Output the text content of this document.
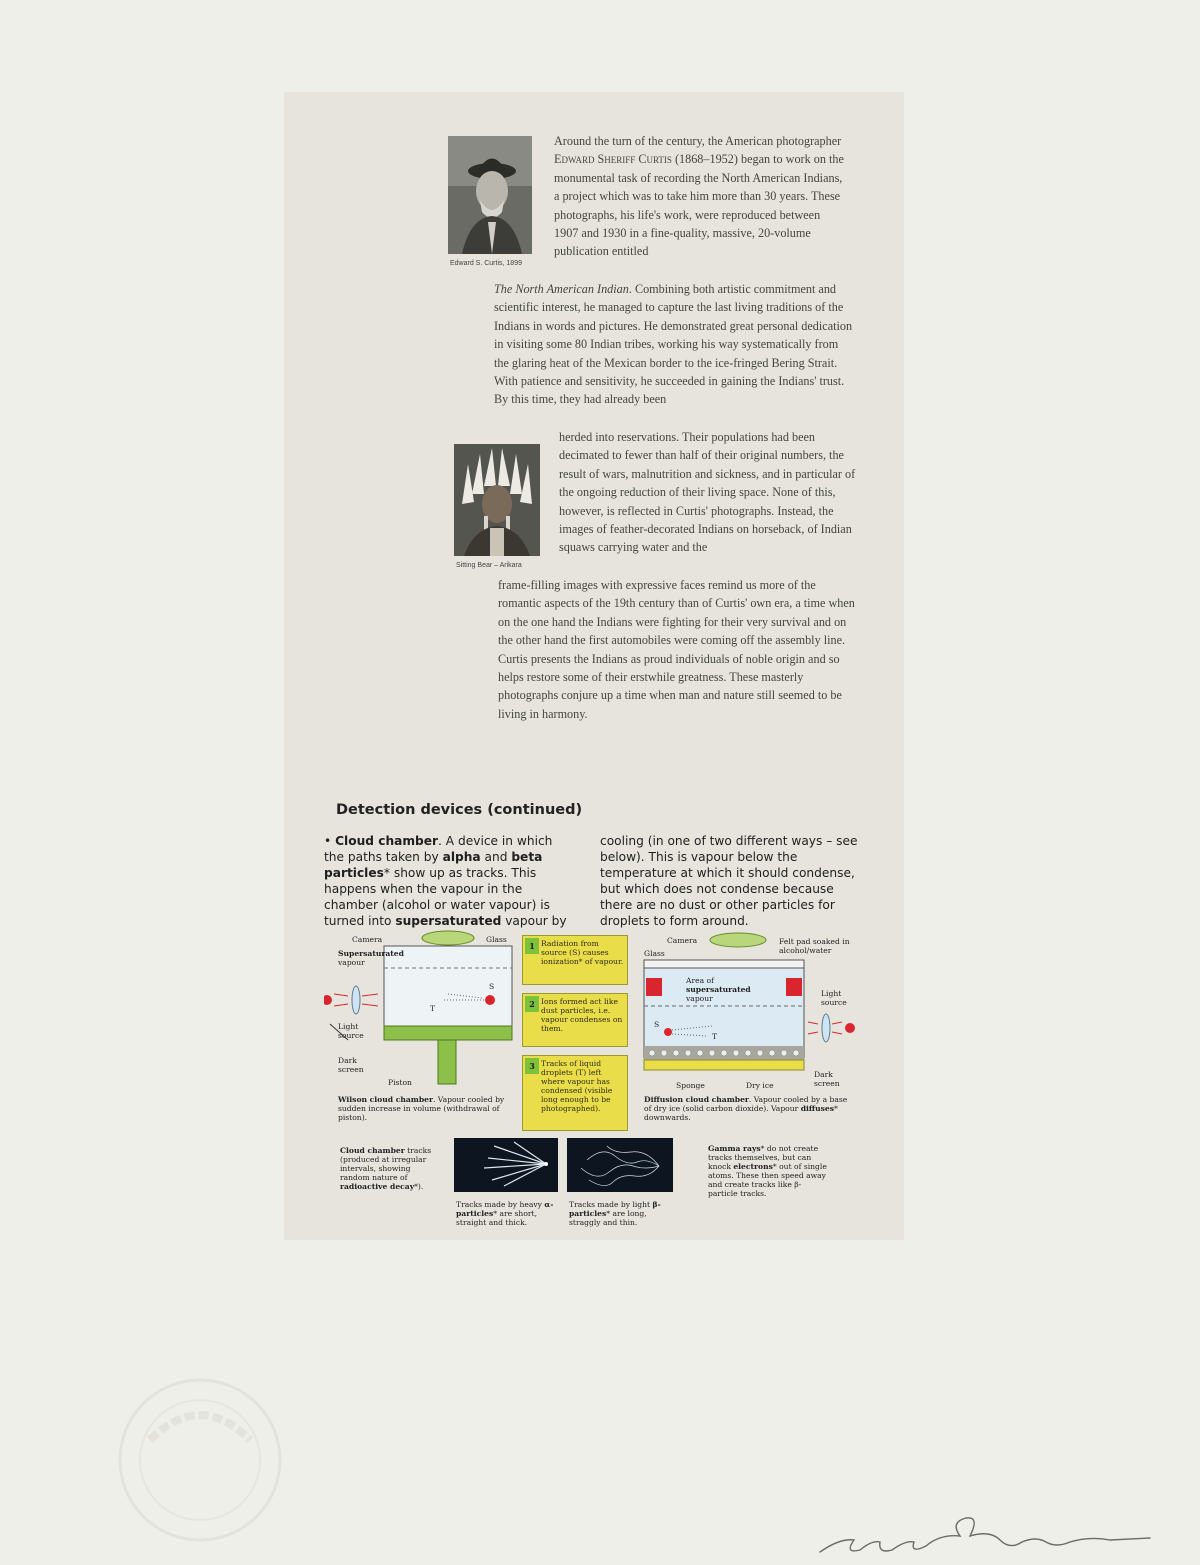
Edward S. Curtis, 1899
Sitting Bear – Arikara

Around the turn of the century, the American photographer Edward Sheriff Curtis (1868–1952) began to work on the monumental task of recording the North American Indians, a project which was to take him more than 30 years. These photographs, his life's work, were reproduced between 1907 and 1930 in a fine-quality, massive, 20-volume publication entitled

The North American Indian. Combining both artistic commitment and scientific interest, he managed to capture the last living traditions of the Indians in words and pictures. He demonstrated great personal dedication in visiting some 80 Indian tribes, working his way systematically from the glaring heat of the Mexican border to the ice-fringed Bering Strait. With patience and sensitivity, he succeeded in gaining the Indians' trust. By this time, they had already been

herded into reservations. Their populations had been decimated to fewer than half of their original numbers, the result of wars, malnutrition and sickness, and in particular of the ongoing reduction of their living space. None of this, however, is reflected in Curtis' photographs. Instead, the images of feather-decorated Indians on horseback, of Indian squaws carrying water and the

frame-filling images with expressive faces remind us more of the romantic aspects of the 19th century than of Curtis' own era, a time when on the one hand the Indians were fighting for their very survival and on the other hand the first automobiles were coming off the assembly line. Curtis presents the Indians as proud individuals of noble origin and so helps restore some of their erstwhile greatness. These masterly photographs conjure up a time when man and nature still seemed to be living in harmony.

Detection devices (continued)
• Cloud chamber. A device in which the paths taken by alpha and beta particles* show up as tracks. This happens when the vapour in the chamber (alcohol or water vapour) is turned into supersaturated vapour by
cooling (in one of two different ways – see below). This is vapour below the temperature at which it should condense, but which does not condense because there are no dust or other particles for droplets to form around.
Camera	Glass
Supersaturated
vapour
S
T
Light source
Dark screen
Piston
Wilson cloud chamber. Vapour cooled by sudden increase in volume (withdrawal of piston).
1 Radiation from source (S) causes ionization* of vapour.
2 Ions formed act like dust particles, i.e. vapour condenses on them.
3 Tracks of liquid droplets (T) left where vapour has condensed (visible long enough to be photographed).
Camera
Glass
Felt pad soaked in alcohol/water
Area of
supersaturated
vapour
Light source
S
T
Sponge	Dry ice
Dark screen
Diffusion cloud chamber. Vapour cooled by a base of dry ice (solid carbon dioxide). Vapour diffuses* downwards.
Cloud chamber tracks (produced at irregular intervals, showing random nature of radioactive decay*).
Tracks made by heavy α-particles* are short, straight and thick.
Tracks made by light β-particles* are long, straggly and thin.
Gamma rays* do not create tracks themselves, but can knock electrons* out of single atoms. These then speed away and create tracks like β-particle tracks.
